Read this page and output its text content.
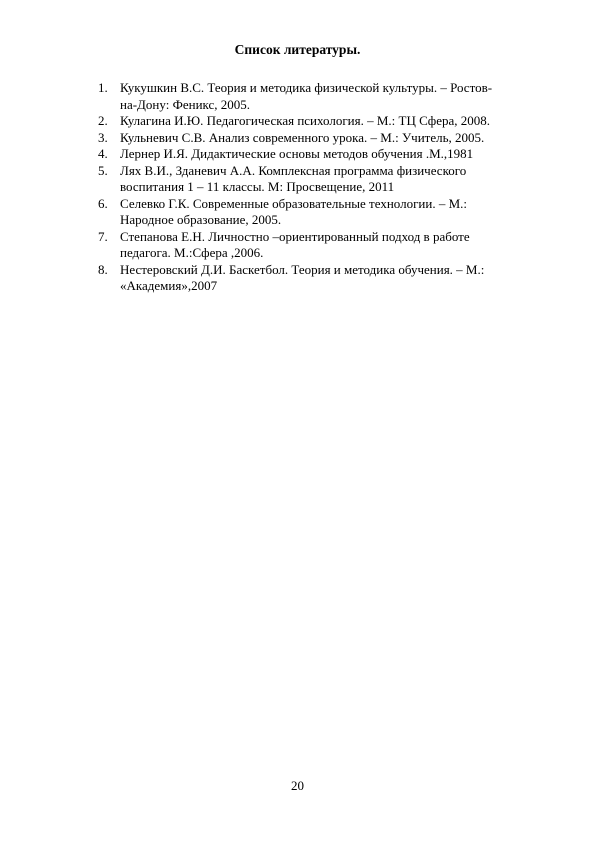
Список литературы.
1. Кукушкин В.С. Теория и методика физической культуры. – Ростов-
на-Дону: Феникс, 2005.
2. Кулагина И.Ю. Педагогическая психология. – М.: ТЦ Сфера, 2008.
3. Кульневич С.В. Анализ современного урока. – М.: Учитель, 2005.
4. Лернер И.Я. Дидактические основы методов обучения .М.,1981
5. Лях В.И., Зданевич А.А. Комплексная программа физического
воспитания 1 – 11 классы. М: Просвещение, 2011
6. Селевко Г.К. Современные образовательные технологии. – М.:
Народное образование, 2005.
7. Степанова Е.Н. Личностно –ориентированный подход в работе
педагога. М.:Сфера ,2006.
8. Нестеровский Д.И. Баскетбол. Теория и методика обучения. – М.:
«Академия»,2007
20
